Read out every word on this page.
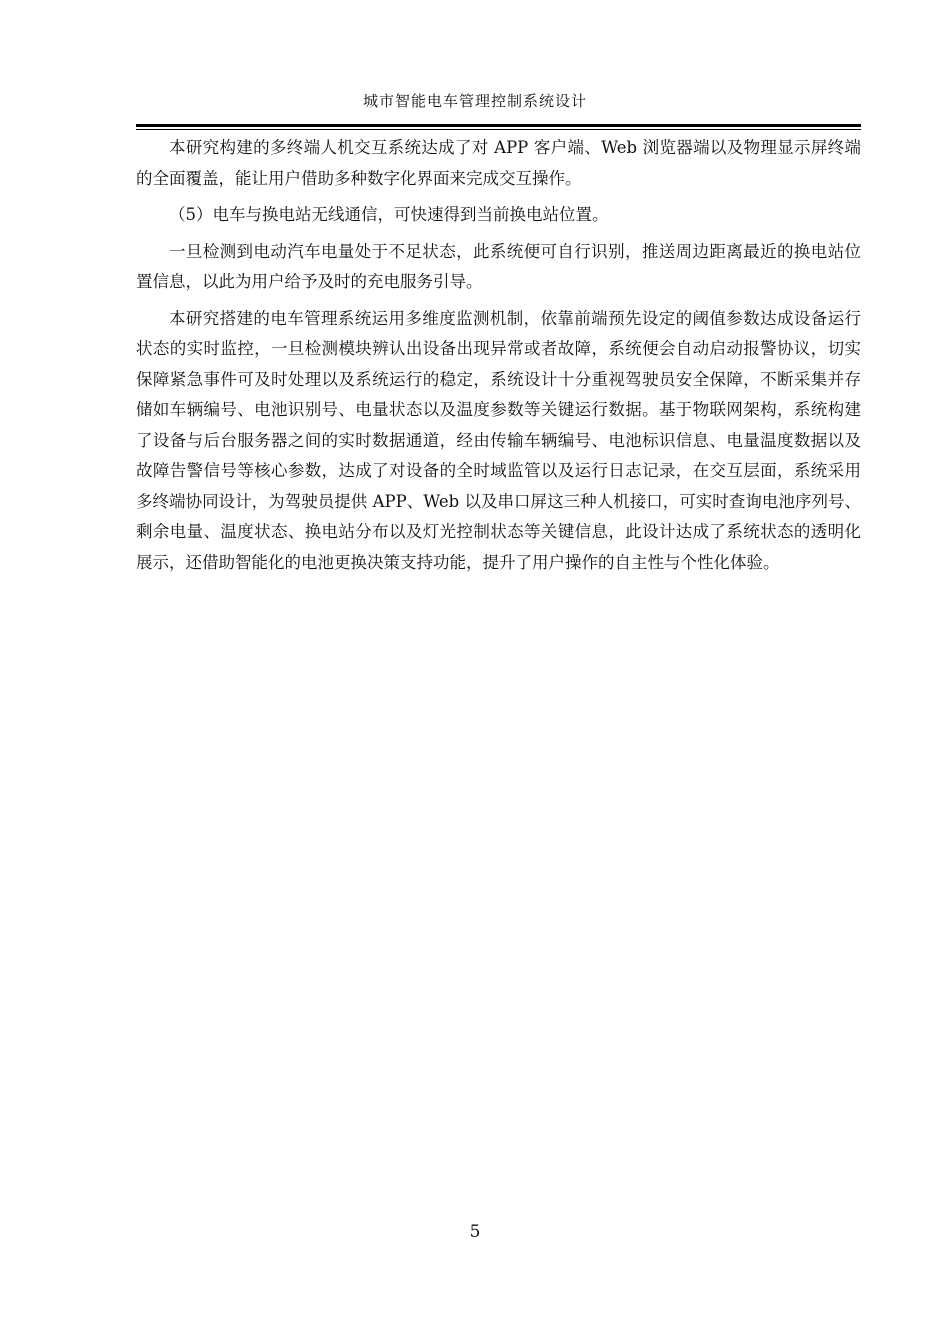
城市智能电车管理控制系统设计

本研究构建的多终端人机交互系统达成了对 APP 客户端、Web 浏览器端以及物理显示屏终端的全面覆盖，能让用户借助多种数字化界面来完成交互操作。

（5）电车与换电站无线通信，可快速得到当前换电站位置。

一旦检测到电动汽车电量处于不足状态，此系统便可自行识别，推送周边距离最近的换电站位置信息，以此为用户给予及时的充电服务引导。

本研究搭建的电车管理系统运用多维度监测机制，依靠前端预先设定的阈值参数达成设备运行状态的实时监控，一旦检测模块辨认出设备出现异常或者故障，系统便会自动启动报警协议，切实保障紧急事件可及时处理以及系统运行的稳定，系统设计十分重视驾驶员安全保障，不断采集并存储如车辆编号、电池识别号、电量状态以及温度参数等关键运行数据。基于物联网架构，系统构建了设备与后台服务器之间的实时数据通道，经由传输车辆编号、电池标识信息、电量温度数据以及故障告警信号等核心参数，达成了对设备的全时域监管以及运行日志记录，在交互层面，系统采用多终端协同设计，为驾驶员提供 APP、Web 以及串口屏这三种人机接口，可实时查询电池序列号、剩余电量、温度状态、换电站分布以及灯光控制状态等关键信息，此设计达成了系统状态的透明化展示，还借助智能化的电池更换决策支持功能，提升了用户操作的自主性与个性化体验。

5
